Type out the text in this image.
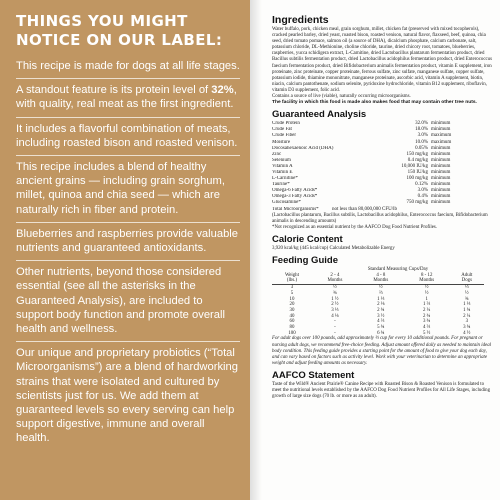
THINGS YOU MIGHT
NOTICE ON OUR LABEL:

This recipe is made for dogs at all life stages.

A standout feature is its protein level of 32%, with quality, real meat as the first ingredient.

It includes a flavorful combination of meats, including roasted bison and roasted venison.

This recipe includes a blend of healthy ancient grains — including grain sorghum, millet, quinoa and chia seed — which are naturally rich in fiber and protein.

Blueberries and raspberries provide valuable nutrients and guaranteed antioxidants.

Other nutrients, beyond those considered essential (see all the asterisks in the Guaranteed Analysis), are included to support body function and promote overall health and wellness.

Our unique and proprietary probiotics (“Total Microorganisms”) are a blend of hardworking strains that were isolated and cultured by scientists just for us. We add them at guaranteed levels so every serving can help support digestive, immune and overall health.

Ingredients

Water buffalo, pork, chicken meal, grain sorghum, millet, chicken fat (preserved with mixed tocopherols), cracked pearled barley, dried yeast, roasted bison, roasted venison, natural flavor, flaxseed, beef, quinoa, chia seed, dried tomato pomace, salmon oil (a source of DHA), dicalcium phosphate, calcium carbonate, salt, potassium chloride, DL-Methionine, choline chloride, taurine, dried chicory root, tomatoes, blueberries, raspberries, yucca schidigera extract, L-Carnitine, dried Lactobacillus plantarum fermentation product, dried Bacillus subtilis fermentation product, dried Lactobacillus acidophilus fermentation product, dried Enterococcus faecium fermentation product, dried Bifidobacterium animalis fermentation product, vitamin E supplement, iron proteinate, zinc proteinate, copper proteinate, ferrous sulfate, zinc sulfate, manganese sulfate, copper sulfate, potassium iodide, thiamine mononitrate, manganese proteinate, ascorbic acid, vitamin A supplement, biotin, niacin, calcium pantothenate, sodium selenite, pyridoxine hydrochloride, vitamin B12 supplement, riboflavin, vitamin D3 supplement, folic acid.

Contains a source of live (viable), naturally occurring microorganisms.

The facility in which this food is made also makes food that may contain other tree nuts.

Guaranteed Analysis
Crude Protein	32.0% minimum
Crude Fat	18.0% minimum
Crude Fiber	3.0% maximum
Moisture	10.0% maximum
Docosahexaenoic Acid (DHA)	0.05% minimum
Zinc	150 mg/kg minimum
Selenium	0.4 mg/kg minimum
Vitamin A	10,000 IU/kg minimum
Vitamin E	150 IU/kg minimum
L-Carnitine*	100 mg/kg minimum
Taurine*	0.12% minimum
Omega-6 Fatty Acids*	3.0% minimum
Omega-3 Fatty Acids*	0.4% minimum
Glucosamine*	750 mg/kg minimum
Total Microorganisms*	not less than 80,000,000 CFU/lb

(Lactobacillus plantarum, Bacillus subtilis, Lactobacillus acidophilus, Enterococcus faecium, Bifidobacterium animalis in descending amounts)

*Not recognized as an essential nutrient by the AAFCO Dog Food Nutrient Profiles.

Calorie Content

3,920 kcal/kg (445 kcal/cup) Calculated Metabolizable Energy

Feeding Guide
	Standard Measuring Cups/Day			
Weight	2 - 4	4 - 8	8 - 12	Adult
(lbs.)	Months	Months	Months	Dogs
3	½	½	½	⅓
5	¾	⅔	½	½
10	1 ½	1 ⅓	1	¾
20	2 ½	2 ⅛	1 ⅔	1 ⅓
30	3 ⅓	2 ¾	2 ¼	1 ¾
40	4 ⅛	3 ½	2 ¾	2 ¼
60	-	4 ⅔	3 ¾	3
80	-	5 ¾	4 ⅔	3 ¾
100	-	6 ¾	5 ½	4 ½

For adult dogs over 100 pounds, add approximately ⅓ cup for every 10 additional pounds. For pregnant or nursing adult dogs, we recommend free-choice feeding. Adjust amount offered daily as needed to maintain ideal body condition. This feeding guide provides a starting point for the amount of food to give your dog each day, and can vary based on factors such as activity level. Work with your veterinarian to determine an appropriate weight and adjust feeding amounts as necessary.

AAFCO Statement

Taste of the Wild® Ancient Prairie® Canine Recipe with Roasted Bison & Roasted Venison is formulated to meet the nutritional levels established by the AAFCO Dog Food Nutrient Profiles for All Life Stages, including growth of large size dogs (70 lb. or more as an adult).
